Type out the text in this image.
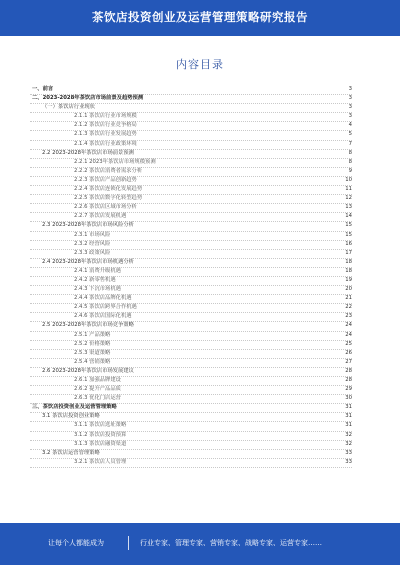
茶饮店投资创业及运营管理策略研究报告
内容目录
一、前言	3
二、2023-2028年茶饮店市场前景及趋势预测	3
（一）茶饮店行业现状	3
2.1.1 茶饮店行业市场规模	3
2.1.2 茶饮店行业竞争格局	4
2.1.3 茶饮店行业发展趋势	5
2.1.4 茶饮店行业政策环境	7
2.2 2023-2028年茶饮店市场前景预测	8
2.2.1 2023年茶饮店市场规模预测	8
2.2.2 茶饮店消费者需求分析	9
2.2.3 茶饮店产品创新趋势	10
2.2.4 茶饮店连锁化发展趋势	11
2.2.5 茶饮店数字化转型趋势	12
2.2.6 茶饮店区域市场分析	13
2.2.7 茶饮店发展机遇	14
2.3 2023-2028年茶饮店市场风险分析	15
2.3.1 市场风险	15
2.3.2 经营风险	16
2.3.3 政策风险	17
2.4 2023-2028年茶饮店市场机遇分析	18
2.4.1 消费升级机遇	18
2.4.2 新零售机遇	19
2.4.3 下沉市场机遇	20
2.4.4 茶饮店品牌化机遇	21
2.4.5 茶饮店跨界合作机遇	22
2.4.6 茶饮店国际化机遇	23
2.5 2023-2028年茶饮店市场竞争策略	24
2.5.1 产品策略	24
2.5.2 价格策略	25
2.5.3 渠道策略	26
2.5.4 营销策略	27
2.6 2023-2028年茶饮店市场发展建议	28
2.6.1 加强品牌建设	28
2.6.2 提升产品品质	29
2.6.3 优化门店运营	30
三、茶饮店投资创业及运营管理策略	31
3.1 茶饮店投资创业策略	31
3.1.1 茶饮店选址策略	31
3.1.2 茶饮店投资预算	32
3.1.3 茶饮店融资渠道	32
3.2 茶饮店运营管理策略	33
3.2.1 茶饮店人员管理	33
让每个人都能成为	行业专家、管理专家、营销专家、战略专家、运营专家……
